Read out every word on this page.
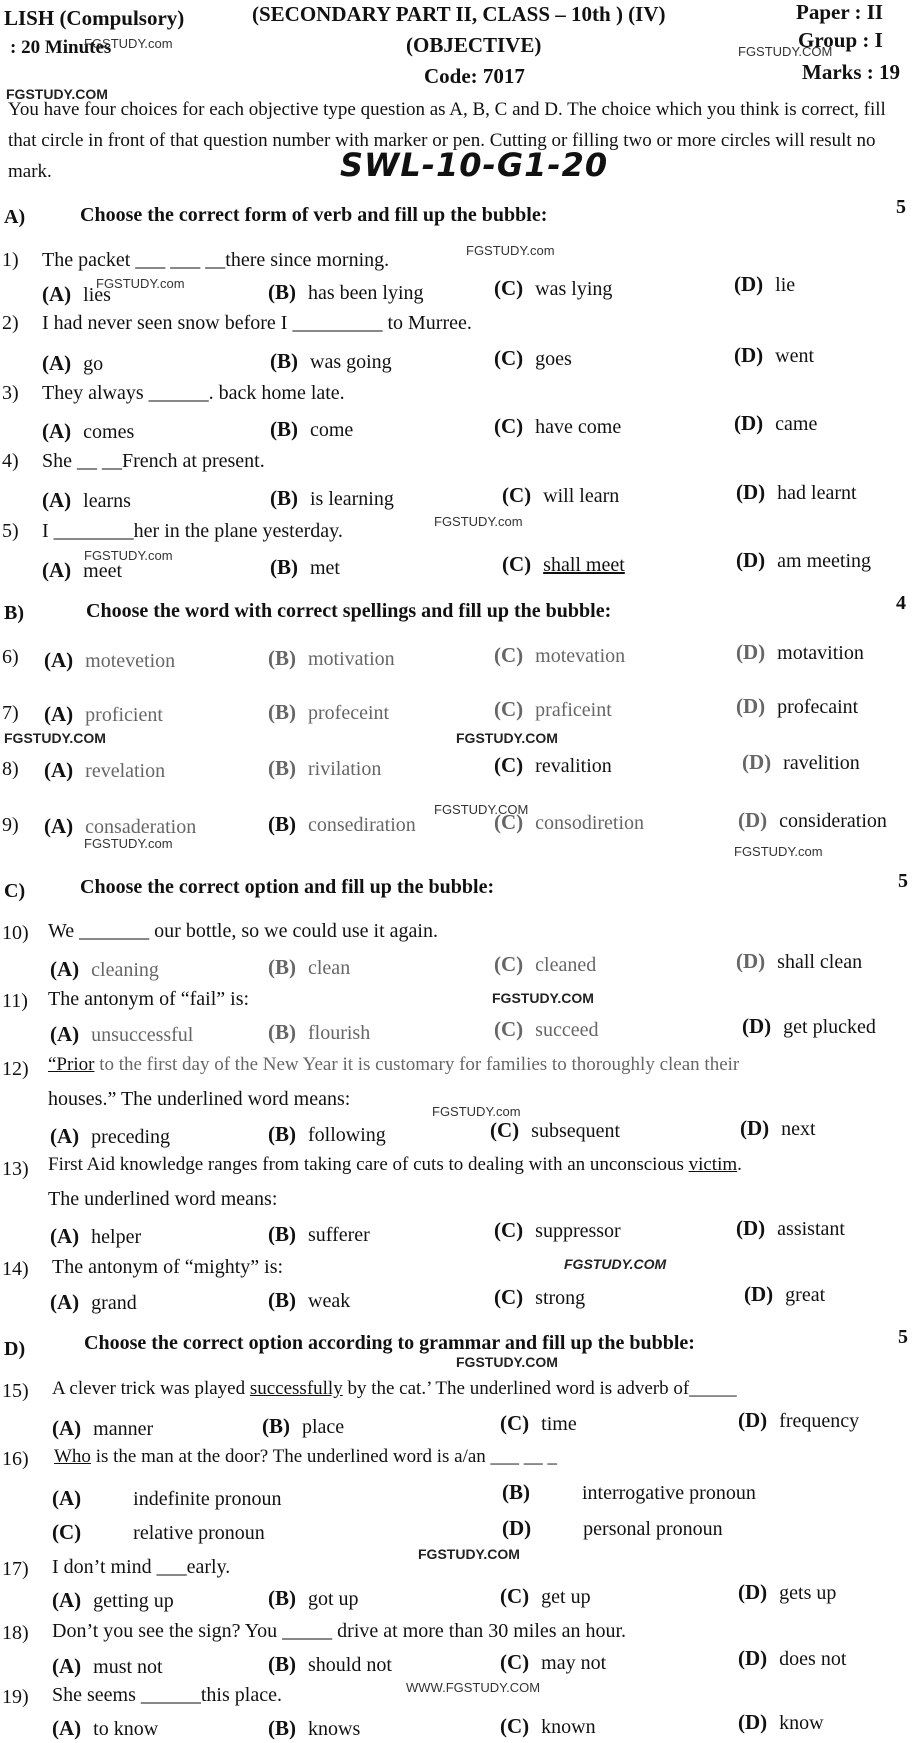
LISH (Compulsory)	(SECONDARY PART II, CLASS – 10th ) (IV)	Paper : II
: 20 Minutes	(OBJECTIVE)	Group : I
Code: 7017	Marks : 19
You have four choices for each objective type question as A, B, C and D. The choice which you think is correct, fill that circle in front of that question number with marker or pen. Cutting or filling two or more circles will result no mark.	SWL-10-G1-20
FGSTUDY.COM
FGSTUDY.com
FGSTUDY.COM
A)	Choose the correct form of verb and fill up the bubble:	5
1) The packet ___ ___ __there since morning.	FGSTUDY.com
(A) lies
FGSTUDY.com	(B) has been lying	(C) was lying	(D) lie
2) I had never seen snow before I _________ to Murree.
(A) go	(B) was going	(C) goes	(D) went
3) They always ______. back home late.
(A) comes	(B) come	(C) have come	(D) came
4) She __ __French at present.
(A) learns	(B) is learning	(C) will learn	(D) had learnt
5) I ________her in the plane yesterday.	FGSTUDY.com
FGSTUDY.com
(A) meet	(B) met	(C) shall meet	(D) am meeting
B)	Choose the word with correct spellings and fill up the bubble:	4
6) (A) motevetion	(B) motivation	(C) motevation	(D) motavition
7) (A) proficient	(B) profeceint	(C) praficeint	(D) profecaint
FGSTUDY.COM	FGSTUDY.COM
8) (A) revelation	(B) rivilation	(C) revalition	(D) ravelition
9) (A) consaderation
FGSTUDY.com
(B) consediration
FGSTUDY.COM
(C) consodiretion	(D) consideration
FGSTUDY.com
C)	Choose the correct option and fill up the bubble:	5
10) We _______ our bottle, so we could use it again.
(A) cleaning	(B) clean	(C) cleaned	(D) shall clean
11) The antonym of “fail” is:	FGSTUDY.COM
(A) unsuccessful	(B) flourish	(C) succeed	(D) get plucked
12) “Prior to the first day of the New Year it is customary for families to thoroughly clean their
houses.” The underlined word means:
FGSTUDY.com
(A) preceding	(B) following	(C) subsequent	(D) next
13) First Aid knowledge ranges from taking care of cuts to dealing with an unconscious victim.
The underlined word means:
(A) helper	(B) sufferer	(C) suppressor	(D) assistant
14) The antonym of “mighty” is:	FGSTUDY.COM
(A) grand	(B) weak	(C) strong	(D) great
D)	Choose the correct option according to grammar and fill up the bubble:	5
FGSTUDY.COM
15) A clever trick was played successfully by the cat.’ The underlined word is adverb of_____
(A) manner	(B) place	(C) time	(D) frequency
16) Who is the man at the door? The underlined word is a/an ___ __ _
(A)	indefinite pronoun	(B)	interrogative pronoun
(C)	relative pronoun	(D)	personal pronoun
17) I don’t mind ___early.
FGSTUDY.COM
(A) getting up	(B) got up	(C) get up	(D) gets up
18) Don’t you see the sign? You _____ drive at more than 30 miles an hour.
(A) must not	(B) should not	(C) may not	(D) does not
19) She seems ______this place.	WWW.FGSTUDY.COM
(A) to know	(B) knows	(C) known	(D) know
